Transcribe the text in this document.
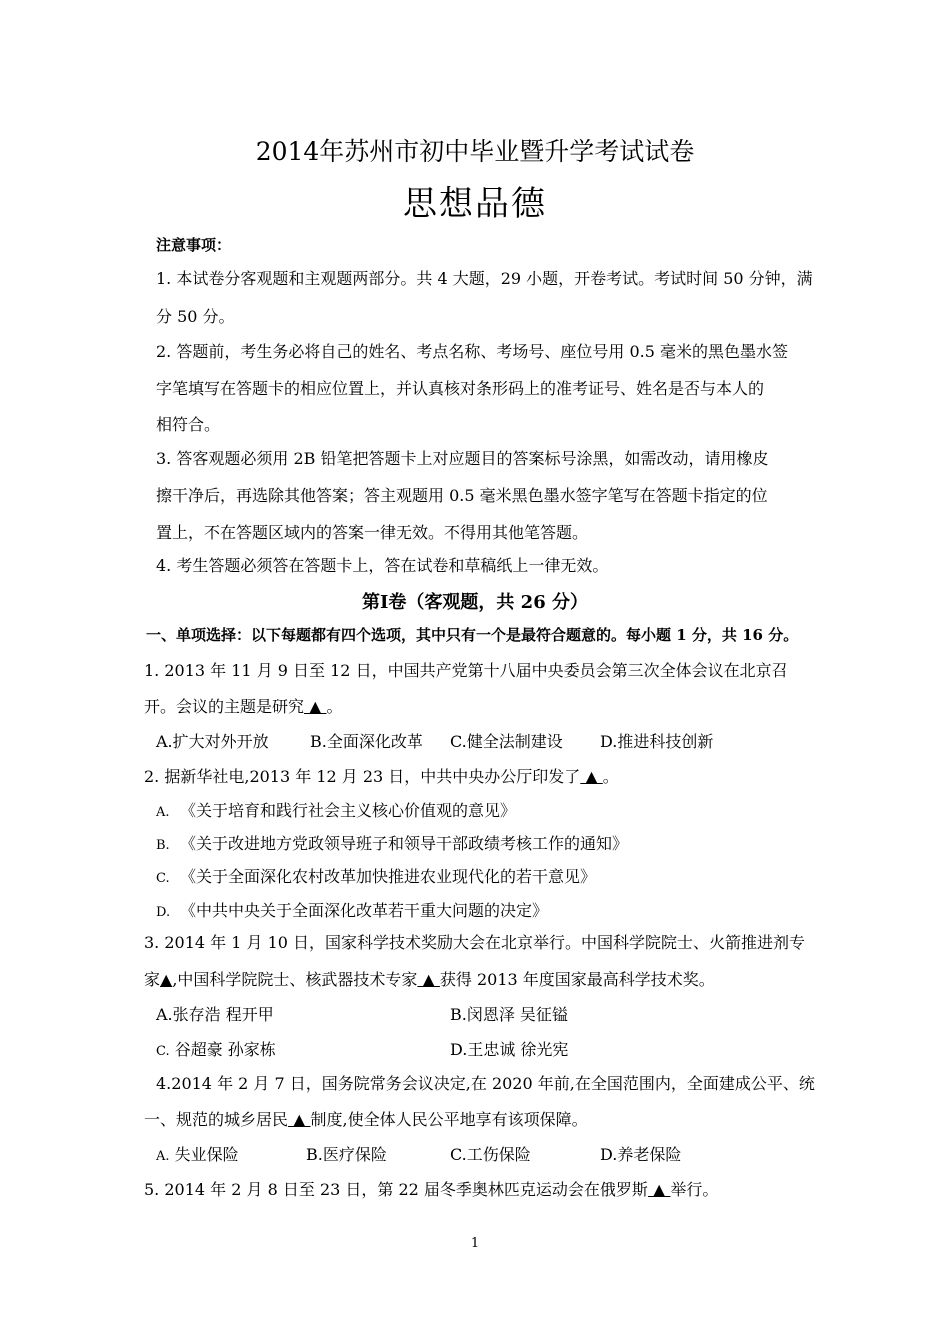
2014年苏州市初中毕业暨升学考试试卷
思想品德
注意事项：
1. 本试卷分客观题和主观题两部分。共 4 大题，29 小题，开卷考试。考试时间 50 分钟，满
分 50 分。
2. 答题前，考生务必将自己的姓名、考点名称、考场号、座位号用 0.5 毫米的黑色墨水签
字笔填写在答题卡的相应位置上，并认真核对条形码上的准考证号、姓名是否与本人的
相符合。
3. 答客观题必须用 2B 铅笔把答题卡上对应题目的答案标号涂黑，如需改动，请用橡皮
擦干净后，再选除其他答案；答主观题用 0.5 毫米黑色墨水签字笔写在答题卡指定的位
置上，不在答题区域内的答案一律无效。不得用其他笔答题。
4. 考生答题必须答在答题卡上，答在试卷和草稿纸上一律无效。
第Ⅰ卷（客观题，共 26 分）
一、单项选择：以下每题都有四个选项，其中只有一个是最符合题意的。每小题 1 分，共 16 分。
1. 2013 年 11 月 9 日至 12 日，中国共产党第十八届中央委员会第三次全体会议在北京召
开。会议的主题是研究 ▲ 。
A.扩大对外开放	B.全面深化改革 C.健全法制建设 D.推进科技创新
2. 据新华社电,2013 年 12 月 23 日，中共中央办公厅印发了 ▲ 。
A. 《关于培育和践行社会主义核心价值观的意见》
B. 《关于改进地方党政领导班子和领导干部政绩考核工作的通知》
C. 《关于全面深化农村改革加快推进农业现代化的若干意见》
D. 《中共中央关于全面深化改革若干重大问题的决定》
3. 2014 年 1 月 10 日，国家科学技术奖励大会在北京举行。中国科学院院士、火箭推进剂专
家▲,中国科学院院士、核武器技术专家 ▲ 获得 2013 年度国家最高科学技术奖。
A.张存浩 程开甲	B.闵恩泽 吴征镒
C. 谷超豪 孙家栋	D.王忠诚 徐光宪
4.2014 年 2 月 7 日，国务院常务会议决定,在 2020 年前,在全国范围内，全面建成公平、统
一、规范的城乡居民 ▲ 制度,使全体人民公平地享有该项保障。
A. 失业保险	B.医疗保险	C.工伤保险	D.养老保险
5. 2014 年 2 月 8 日至 23 日，第 22 届冬季奥林匹克运动会在俄罗斯 ▲ 举行。
1
